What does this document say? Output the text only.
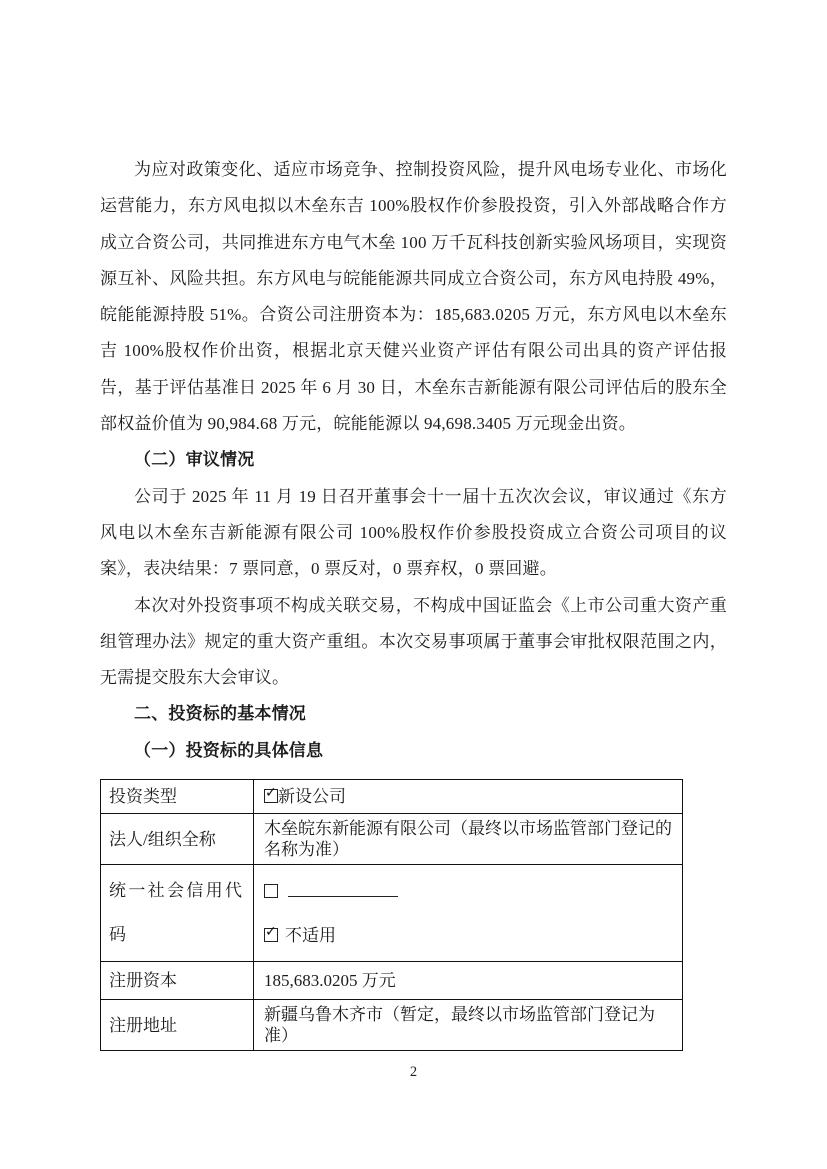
为应对政策变化、适应市场竞争、控制投资风险，提升风电场专业化、市场化运营能力，东方风电拟以木垒东吉 100%股权作价参股投资，引入外部战略合作方成立合资公司，共同推进东方电气木垒 100 万千瓦科技创新实验风场项目，实现资源互补、风险共担。东方风电与皖能能源共同成立合资公司，东方风电持股 49%，皖能能源持股 51%。合资公司注册资本为：185,683.0205 万元，东方风电以木垒东吉 100%股权作价出资，根据北京天健兴业资产评估有限公司出具的资产评估报告，基于评估基准日 2025 年 6 月 30 日，木垒东吉新能源有限公司评估后的股东全部权益价值为 90,984.68 万元，皖能能源以 94,698.3405 万元现金出资。

（二）审议情况

公司于 2025 年 11 月 19 日召开董事会十一届十五次次会议，审议通过《东方风电以木垒东吉新能源有限公司 100%股权作价参股投资成立合资公司项目的议案》，表决结果：7 票同意，0 票反对，0 票弃权，0 票回避。

本次对外投资事项不构成关联交易，不构成中国证监会《上市公司重大资产重组管理办法》规定的重大资产重组。本次交易事项属于董事会审批权限范围之内，无需提交股东大会审议。

二、投资标的基本情况

（一）投资标的具体信息

投资类型	✓ 新设公司
法人/组织全称	木垒皖东新能源有限公司（最终以市场监管部门登记的名称为准）
统一社会信用代码	✓ 不适用

注册资本	185,683.0205 万元
注册地址	新疆乌鲁木齐市（暂定，最终以市场监管部门登记为准）
2
